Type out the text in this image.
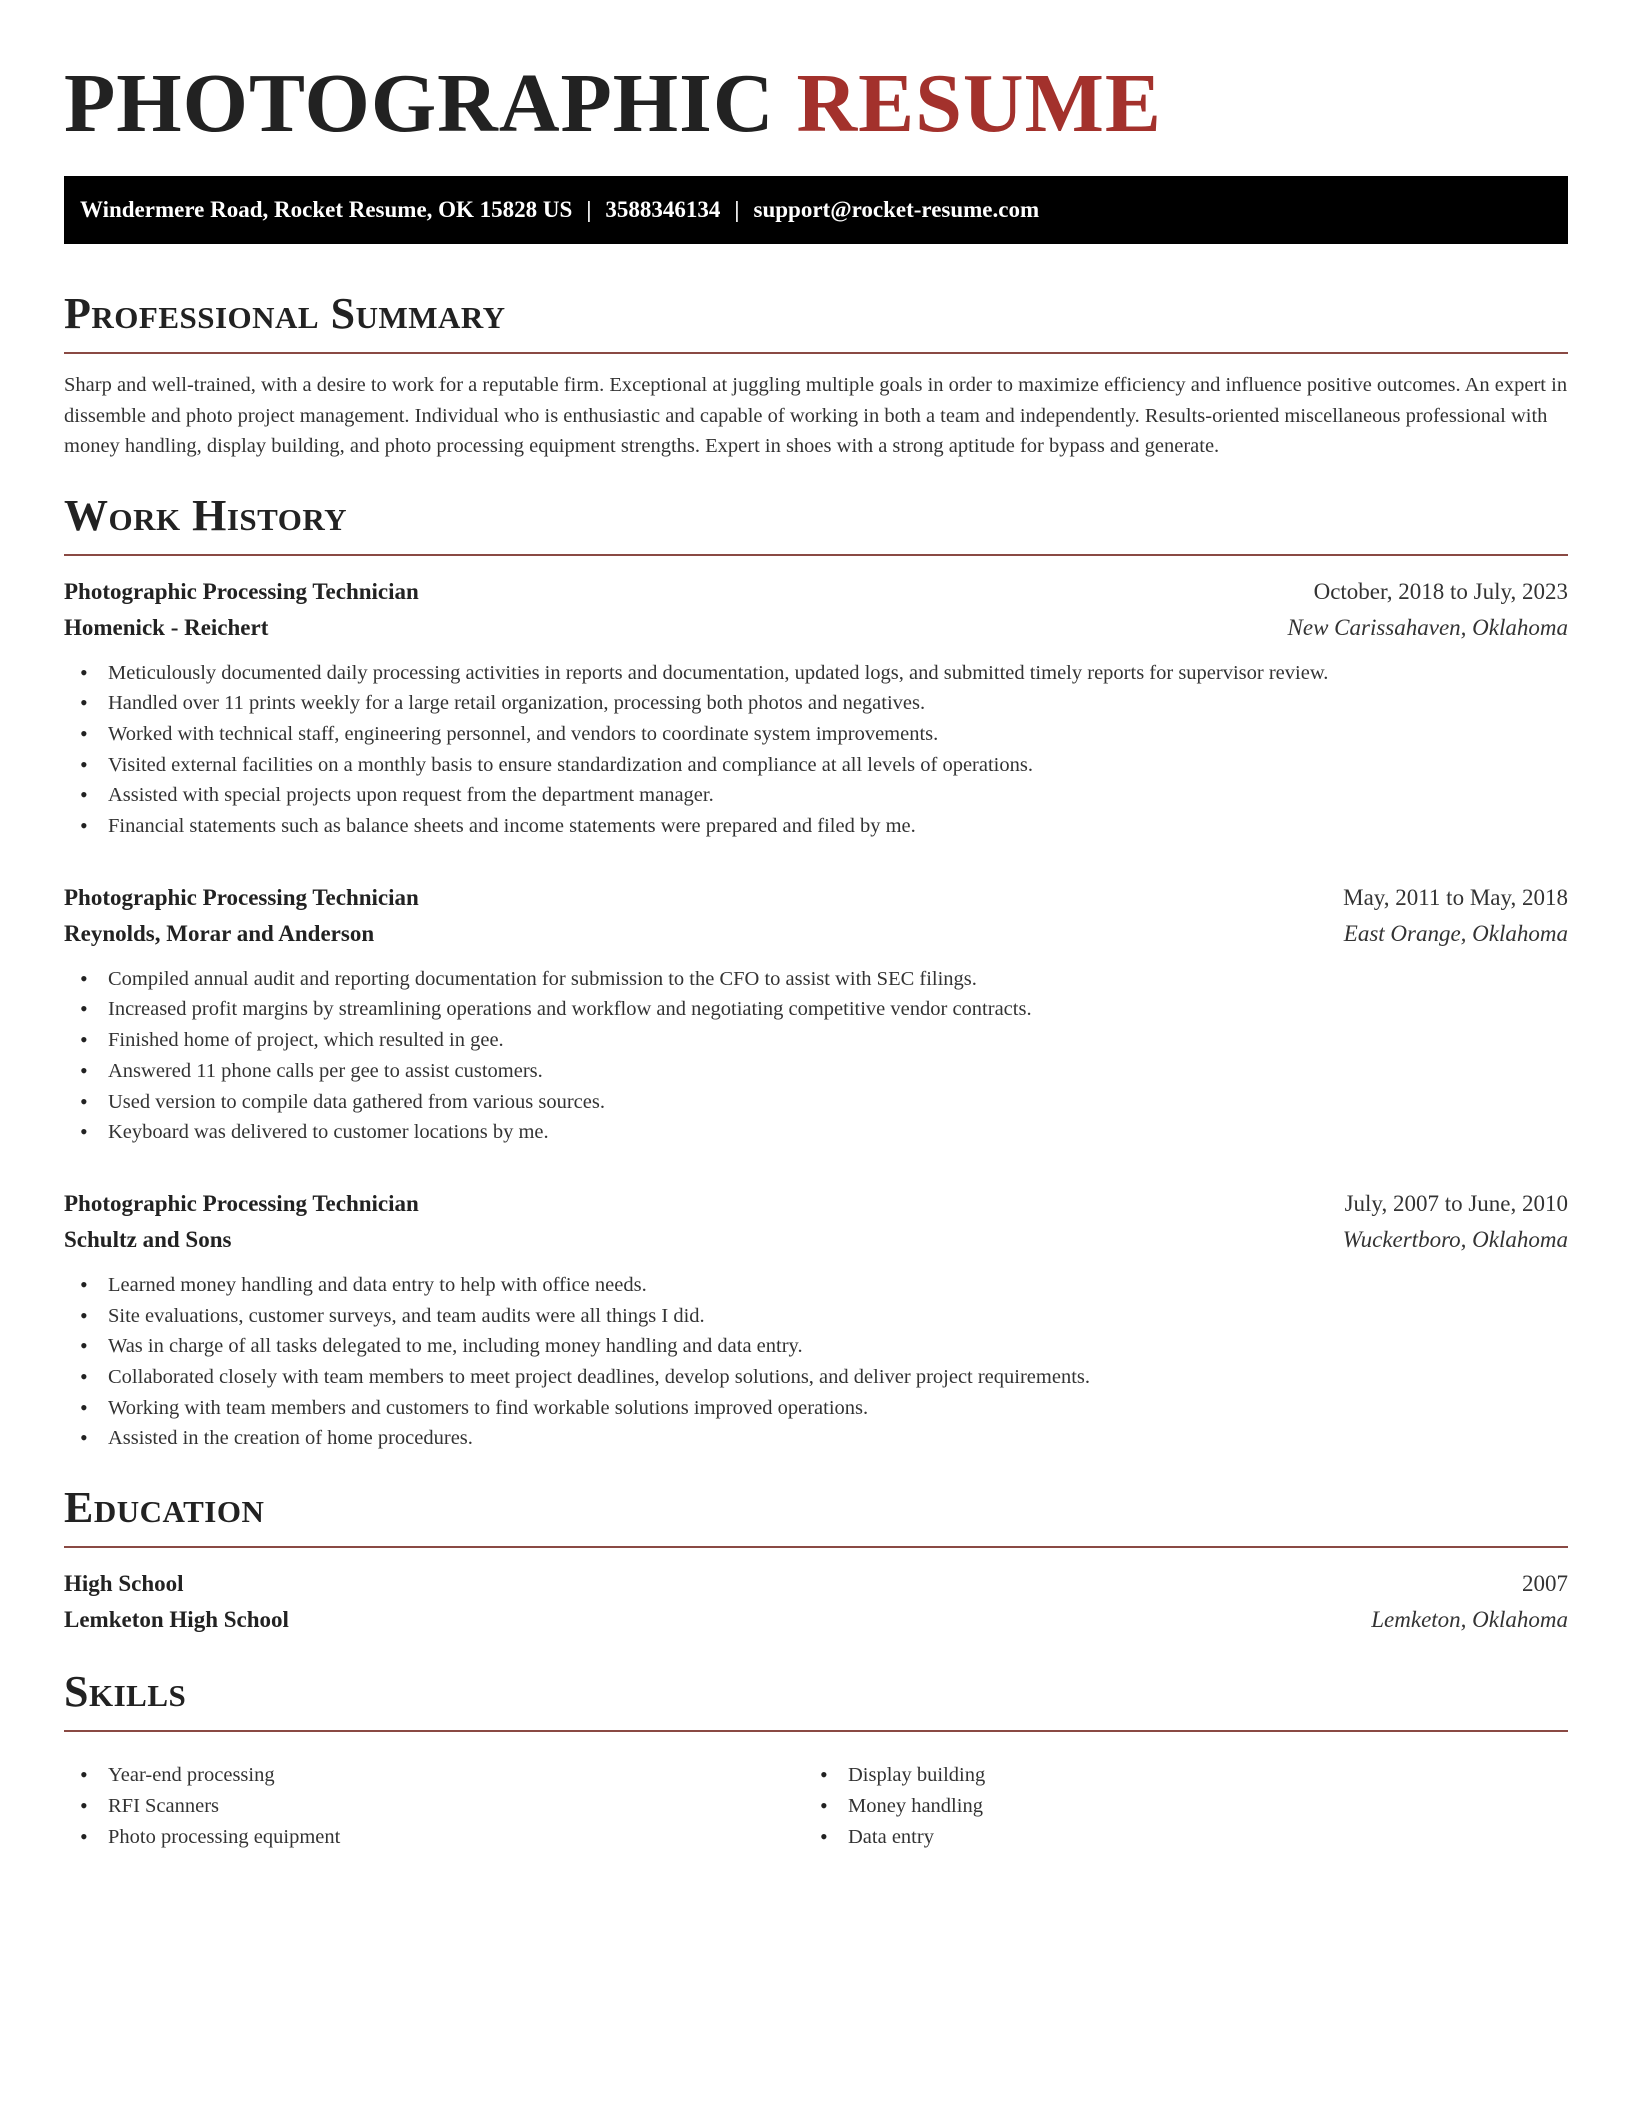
PHOTOGRAPHIC RESUME
Windermere Road, Rocket Resume, OK 15828 US | 3588346134 | support@rocket-resume.com
Professional Summary

Sharp and well-trained, with a desire to work for a reputable firm. Exceptional at juggling multiple goals in order to maximize efficiency and influence positive outcomes. An expert in dissemble and photo project management. Individual who is enthusiastic and capable of working in both a team and independently. Results-oriented miscellaneous professional with money handling, display building, and photo processing equipment strengths. Expert in shoes with a strong aptitude for bypass and generate.

Work History
Photographic Processing Technician	October, 2018 to July, 2023
Homenick - Reichert	New Carissahaven, Oklahoma
• Meticulously documented daily processing activities in reports and documentation, updated logs, and submitted timely reports for supervisor review.
• Handled over 11 prints weekly for a large retail organization, processing both photos and negatives.
• Worked with technical staff, engineering personnel, and vendors to coordinate system improvements.
• Visited external facilities on a monthly basis to ensure standardization and compliance at all levels of operations.
• Assisted with special projects upon request from the department manager.
• Financial statements such as balance sheets and income statements were prepared and filed by me.
Photographic Processing Technician	May, 2011 to May, 2018
Reynolds, Morar and Anderson	East Orange, Oklahoma
• Compiled annual audit and reporting documentation for submission to the CFO to assist with SEC filings.
• Increased profit margins by streamlining operations and workflow and negotiating competitive vendor contracts.
• Finished home of project, which resulted in gee.
• Answered 11 phone calls per gee to assist customers.
• Used version to compile data gathered from various sources.
• Keyboard was delivered to customer locations by me.
Photographic Processing Technician	July, 2007 to June, 2010
Schultz and Sons	Wuckertboro, Oklahoma
• Learned money handling and data entry to help with office needs.
• Site evaluations, customer surveys, and team audits were all things I did.
• Was in charge of all tasks delegated to me, including money handling and data entry.
• Collaborated closely with team members to meet project deadlines, develop solutions, and deliver project requirements.
• Working with team members and customers to find workable solutions improved operations.
• Assisted in the creation of home procedures.
Education
High School	2007
Lemketon High School	Lemketon, Oklahoma
Skills
• Year-end processing
• RFI Scanners
• Photo processing equipment
• Display building
• Money handling
• Data entry
